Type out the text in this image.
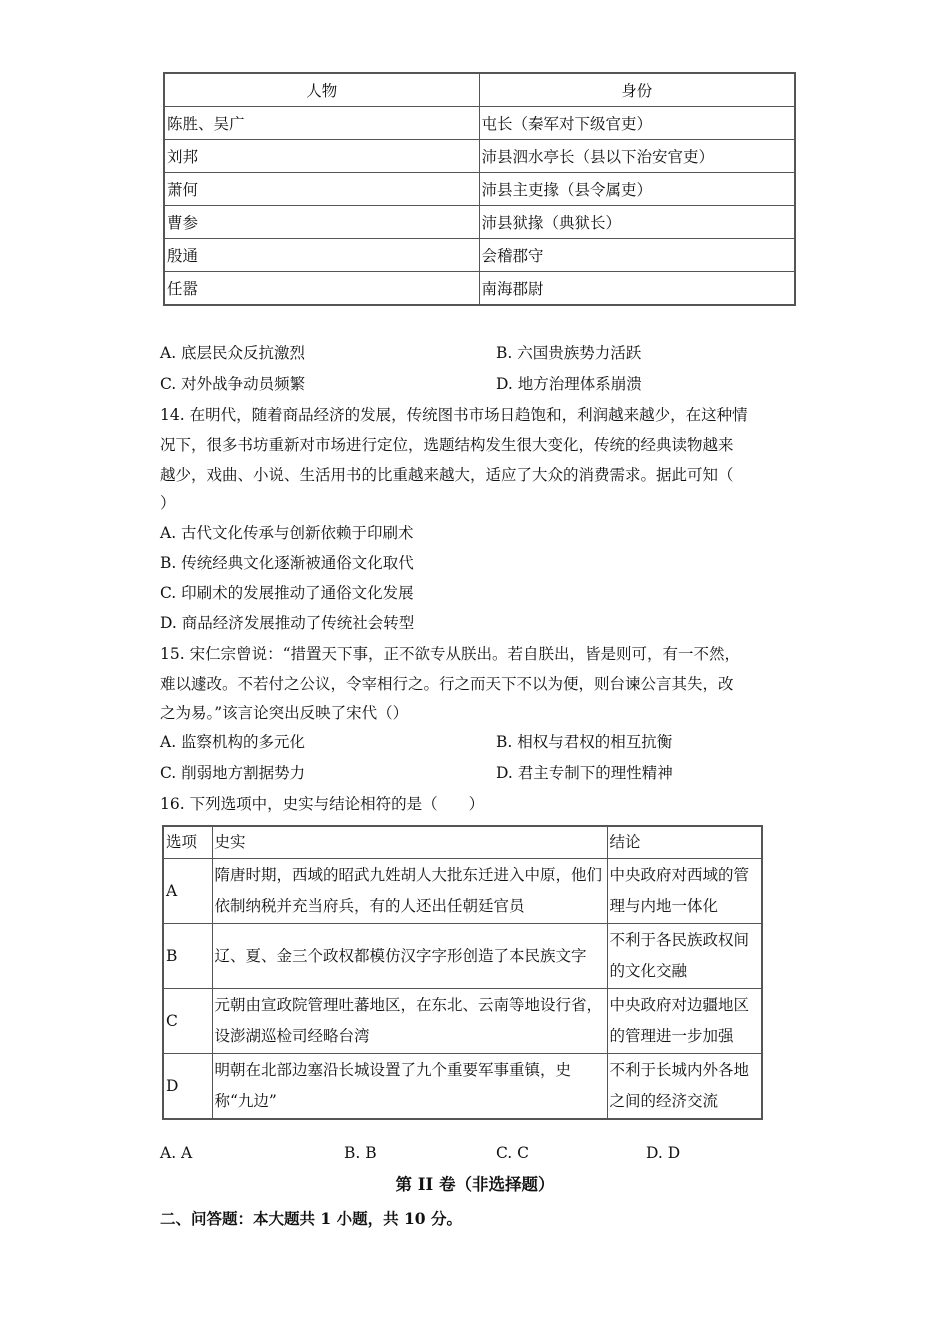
人物	身份
陈胜、吴广	屯长（秦军对下级官吏）
刘邦	沛县泗水亭长（县以下治安官吏）
萧何	沛县主吏掾（县令属吏）
曹参	沛县狱掾（典狱长）
殷通	会稽郡守
任嚣	南海郡尉
A. 底层民众反抗激烈	B. 六国贵族势力活跃
C. 对外战争动员频繁	D. 地方治理体系崩溃
14. 在明代，随着商品经济的发展，传统图书市场日趋饱和，利润越来越少，在这种情
况下，很多书坊重新对市场进行定位，选题结构发生很大变化，传统的经典读物越来
越少，戏曲、小说、生活用书的比重越来越大，适应了大众的消费需求。据此可知（
）
A. 古代文化传承与创新依赖于印刷术
B. 传统经典文化逐渐被通俗文化取代
C. 印刷术的发展推动了通俗文化发展
D. 商品经济发展推动了传统社会转型
15. 宋仁宗曾说：“措置天下事，正不欲专从朕出。若自朕出，皆是则可，有一不然，
难以遽改。不若付之公议，令宰相行之。行之而天下不以为便，则台谏公言其失，改
之为易。”该言论突出反映了宋代（）
A. 监察机构的多元化	B. 相权与君权的相互抗衡
C. 削弱地方割据势力	D. 君主专制下的理性精神
16. 下列选项中，史实与结论相符的是（　　）
选项	史实	结论
A	隋唐时期，西域的昭武九姓胡人大批东迁进入中原，他们依制纳税并充当府兵，有的人还出任朝廷官员	中央政府对西域的管理与内地一体化
B	辽、夏、金三个政权都模仿汉字字形创造了本民族文字	不利于各民族政权间的文化交融
C	元朝由宣政院管理吐蕃地区，在东北、云南等地设行省，设澎湖巡检司经略台湾	中央政府对边疆地区的管理进一步加强
D	明朝在北部边塞沿长城设置了九个重要军事重镇，史称“九边”	不利于长城内外各地之间的经济交流
A. A	B. B	C. C	D. D
第 II 卷（非选择题）
二、问答题：本大题共 1 小题，共 10 分。
